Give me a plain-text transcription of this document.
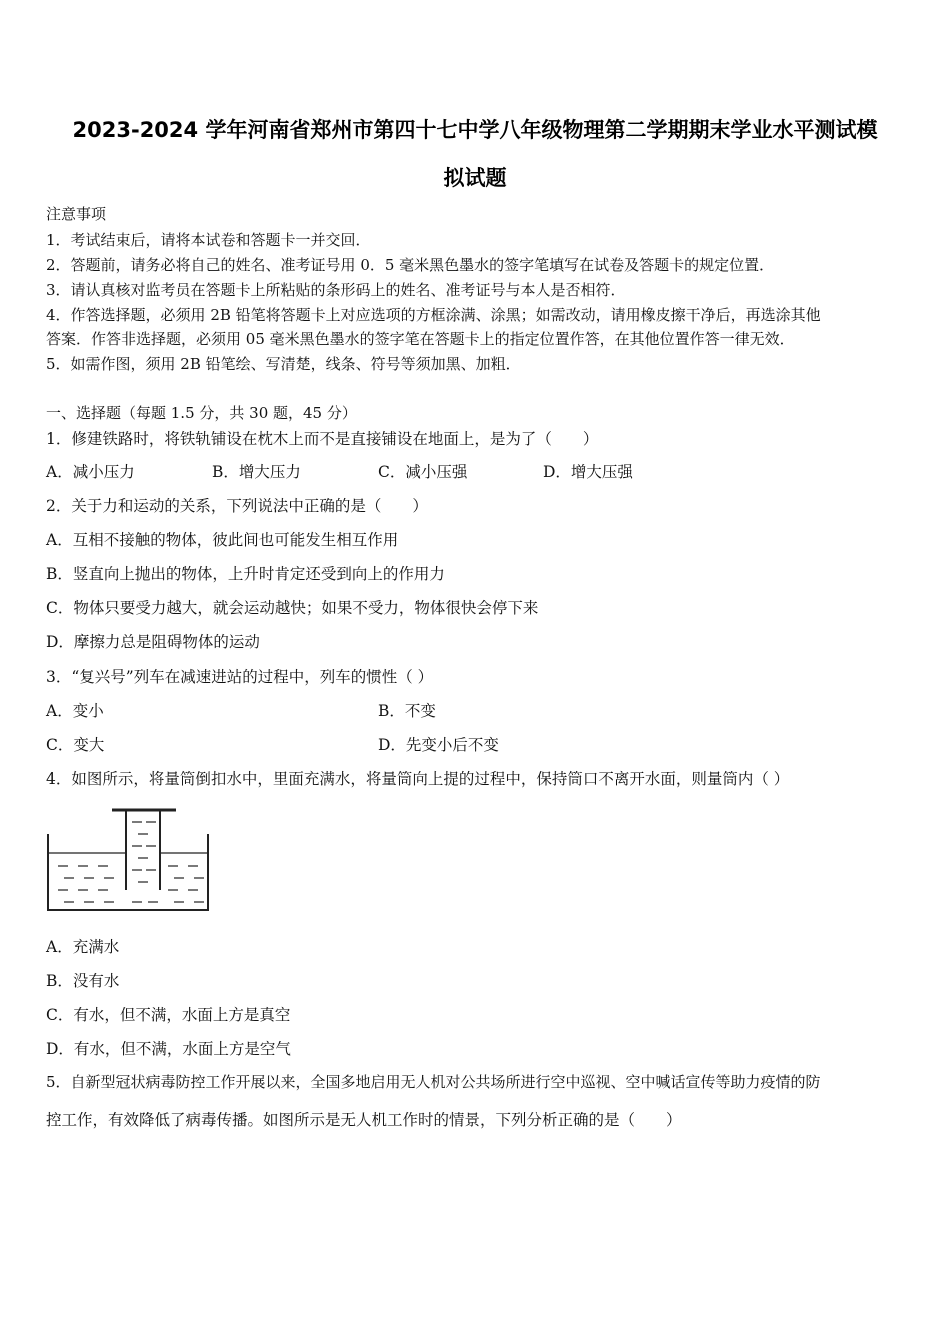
2023-2024 学年河南省郑州市第四十七中学八年级物理第二学期期末学业水平测试模
拟试题
注意事项
1．考试结束后，请将本试卷和答题卡一并交回．
2．答题前，请务必将自己的姓名、准考证号用 0．5 毫米黑色墨水的签字笔填写在试卷及答题卡的规定位置．
3．请认真核对监考员在答题卡上所粘贴的条形码上的姓名、准考证号与本人是否相符．
4．作答选择题，必须用 2B 铅笔将答题卡上对应选项的方框涂满、涂黑；如需改动，请用橡皮擦干净后，再选涂其他
答案．作答非选择题，必须用 05 毫米黑色墨水的签字笔在答题卡上的指定位置作答，在其他位置作答一律无效．
5．如需作图，须用 2B 铅笔绘、写清楚，线条、符号等须加黑、加粗．
一、选择题（每题 1.5 分，共 30 题，45 分）
1．修建铁路时，将铁轨铺设在枕木上而不是直接铺设在地面上，是为了（　　）
A．减小压力	B．增大压力	C．减小压强	D．增大压强
2．关于力和运动的关系，下列说法中正确的是（　　）
A．互相不接触的物体，彼此间也可能发生相互作用
B．竖直向上抛出的物体，上升时肯定还受到向上的作用力
C．物体只要受力越大，就会运动越快；如果不受力，物体很快会停下来
D．摩擦力总是阻碍物体的运动
3．“复兴号”列车在减速进站的过程中，列车的惯性（ ）
A．变小	B．不变
C．变大	D．先变小后不变
4．如图所示，将量筒倒扣水中，里面充满水，将量筒向上提的过程中，保持筒口不离开水面，则量筒内（ ）
A．充满水
B．没有水
C．有水，但不满，水面上方是真空
D．有水，但不满，水面上方是空气
5．自新型冠状病毒防控工作开展以来，全国多地启用无人机对公共场所进行空中巡视、空中喊话宣传等助力疫情的防
控工作，有效降低了病毒传播。如图所示是无人机工作时的情景，下列分析正确的是（　　）
